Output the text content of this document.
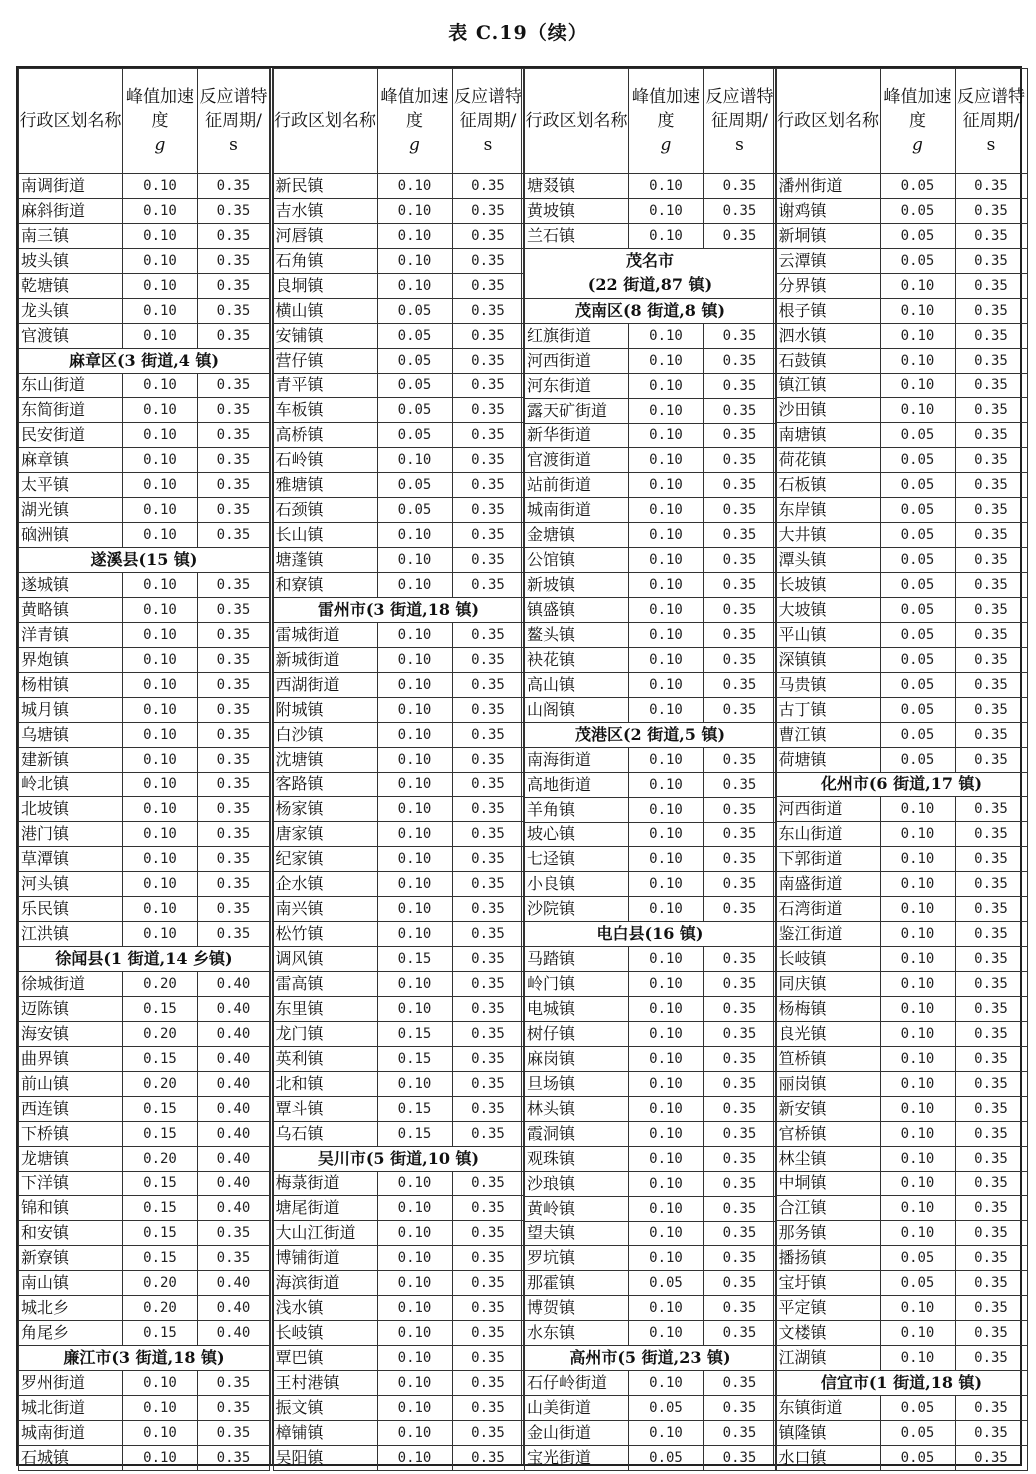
表 C.19（续）
行政区划名称	峰值加速度
g	反应谱特征周期/
s

南调街道	0.10	0.35
麻斜街道	0.10	0.35
南三镇	0.10	0.35
坡头镇	0.10	0.35
乾塘镇	0.10	0.35
龙头镇	0.10	0.35
官渡镇	0.10	0.35

麻章区(3 街道,4 镇)		

东山街道	0.10	0.35
东简街道	0.10	0.35
民安街道	0.10	0.35
麻章镇	0.10	0.35
太平镇	0.10	0.35
湖光镇	0.10	0.35
硇洲镇	0.10	0.35

遂溪县(15 镇)		

遂城镇	0.10	0.35
黄略镇	0.10	0.35
洋青镇	0.10	0.35
界炮镇	0.10	0.35
杨柑镇	0.10	0.35
城月镇	0.10	0.35
乌塘镇	0.10	0.35
建新镇	0.10	0.35
岭北镇	0.10	0.35
北坡镇	0.10	0.35
港门镇	0.10	0.35
草潭镇	0.10	0.35
河头镇	0.10	0.35
乐民镇	0.10	0.35
江洪镇	0.10	0.35

徐闻县(1 街道,14 乡镇)		

徐城街道	0.20	0.40
迈陈镇	0.15	0.40
海安镇	0.20	0.40
曲界镇	0.15	0.40
前山镇	0.20	0.40
西连镇	0.15	0.40
下桥镇	0.15	0.40
龙塘镇	0.20	0.40
下洋镇	0.15	0.40
锦和镇	0.15	0.40
和安镇	0.15	0.35
新寮镇	0.15	0.35
南山镇	0.20	0.40
城北乡	0.20	0.40
角尾乡	0.15	0.40

廉江市(3 街道,18 镇)		

罗州街道	0.10	0.35
城北街道	0.10	0.35
城南街道	0.10	0.35
石城镇	0.10	0.35
行政区划名称	峰值加速度
g	反应谱特征周期/
s

新民镇	0.10	0.35
吉水镇	0.10	0.35
河唇镇	0.10	0.35
石角镇	0.10	0.35
良垌镇	0.10	0.35
横山镇	0.05	0.35
安铺镇	0.05	0.35
营仔镇	0.05	0.35
青平镇	0.05	0.35
车板镇	0.05	0.35
高桥镇	0.05	0.35
石岭镇	0.10	0.35
雅塘镇	0.05	0.35
石颈镇	0.05	0.35
长山镇	0.10	0.35
塘蓬镇	0.10	0.35
和寮镇	0.10	0.35

雷州市(3 街道,18 镇)		

雷城街道	0.10	0.35
新城街道	0.10	0.35
西湖街道	0.10	0.35
附城镇	0.10	0.35
白沙镇	0.10	0.35
沈塘镇	0.10	0.35
客路镇	0.10	0.35
杨家镇	0.10	0.35
唐家镇	0.10	0.35
纪家镇	0.10	0.35
企水镇	0.10	0.35
南兴镇	0.10	0.35
松竹镇	0.10	0.35
调风镇	0.15	0.35
雷高镇	0.10	0.35
东里镇	0.10	0.35
龙门镇	0.15	0.35
英利镇	0.15	0.35
北和镇	0.10	0.35
覃斗镇	0.15	0.35
乌石镇	0.15	0.35

吴川市(5 街道,10 镇)		

梅菉街道	0.10	0.35
塘尾街道	0.10	0.35
大山江街道	0.10	0.35
博铺街道	0.10	0.35
海滨街道	0.10	0.35
浅水镇	0.10	0.35
长岐镇	0.10	0.35
覃巴镇	0.10	0.35
王村港镇	0.10	0.35
振文镇	0.10	0.35
樟铺镇	0.10	0.35
吴阳镇	0.10	0.35
行政区划名称	峰值加速度
g	反应谱特征周期/
s

塘叕镇	0.10	0.35
黄坡镇	0.10	0.35
兰石镇	0.10	0.35

茂名市
(22 街道,87 镇)		

茂南区(8 街道,8 镇)		

红旗街道	0.10	0.35
河西街道	0.10	0.35
河东街道	0.10	0.35
露天矿街道	0.10	0.35
新华街道	0.10	0.35
官渡街道	0.10	0.35
站前街道	0.10	0.35
城南街道	0.10	0.35
金塘镇	0.10	0.35
公馆镇	0.10	0.35
新坡镇	0.10	0.35
镇盛镇	0.10	0.35
鳌头镇	0.10	0.35
袂花镇	0.10	0.35
高山镇	0.10	0.35
山阁镇	0.10	0.35

茂港区(2 街道,5 镇)		

南海街道	0.10	0.35
高地街道	0.10	0.35
羊角镇	0.10	0.35
坡心镇	0.10	0.35
七迳镇	0.10	0.35
小良镇	0.10	0.35
沙院镇	0.10	0.35

电白县(16 镇)		

马踏镇	0.10	0.35
岭门镇	0.10	0.35
电城镇	0.10	0.35
树仔镇	0.10	0.35
麻岗镇	0.10	0.35
旦场镇	0.10	0.35
林头镇	0.10	0.35
霞洞镇	0.10	0.35
观珠镇	0.10	0.35
沙琅镇	0.10	0.35
黄岭镇	0.10	0.35
望夫镇	0.10	0.35
罗坑镇	0.10	0.35
那霍镇	0.05	0.35
博贺镇	0.10	0.35
水东镇	0.10	0.35

高州市(5 街道,23 镇)		

石仔岭街道	0.10	0.35
山美街道	0.05	0.35
金山街道	0.10	0.35
宝光街道	0.05	0.35
行政区划名称	峰值加速度
g	反应谱特征周期/
s

潘州街道	0.05	0.35
谢鸡镇	0.05	0.35
新垌镇	0.05	0.35
云潭镇	0.05	0.35
分界镇	0.10	0.35
根子镇	0.10	0.35
泗水镇	0.10	0.35
石鼓镇	0.10	0.35
镇江镇	0.10	0.35
沙田镇	0.10	0.35
南塘镇	0.05	0.35
荷花镇	0.05	0.35
石板镇	0.05	0.35
东岸镇	0.05	0.35
大井镇	0.05	0.35
潭头镇	0.05	0.35
长坡镇	0.05	0.35
大坡镇	0.05	0.35
平山镇	0.05	0.35
深镇镇	0.05	0.35
马贵镇	0.05	0.35
古丁镇	0.05	0.35
曹江镇	0.05	0.35
荷塘镇	0.05	0.35

化州市(6 街道,17 镇)		

河西街道	0.10	0.35
东山街道	0.10	0.35
下郭街道	0.10	0.35
南盛街道	0.10	0.35
石湾街道	0.10	0.35
鉴江街道	0.10	0.35
长岐镇	0.10	0.35
同庆镇	0.10	0.35
杨梅镇	0.10	0.35
良光镇	0.10	0.35
笪桥镇	0.10	0.35
丽岗镇	0.10	0.35
新安镇	0.10	0.35
官桥镇	0.10	0.35
林尘镇	0.10	0.35
中垌镇	0.10	0.35
合江镇	0.10	0.35
那务镇	0.10	0.35
播扬镇	0.05	0.35
宝圩镇	0.05	0.35
平定镇	0.10	0.35
文楼镇	0.10	0.35
江湖镇	0.10	0.35

信宜市(1 街道,18 镇)		

东镇街道	0.05	0.35
镇隆镇	0.05	0.35
水口镇	0.05	0.35
